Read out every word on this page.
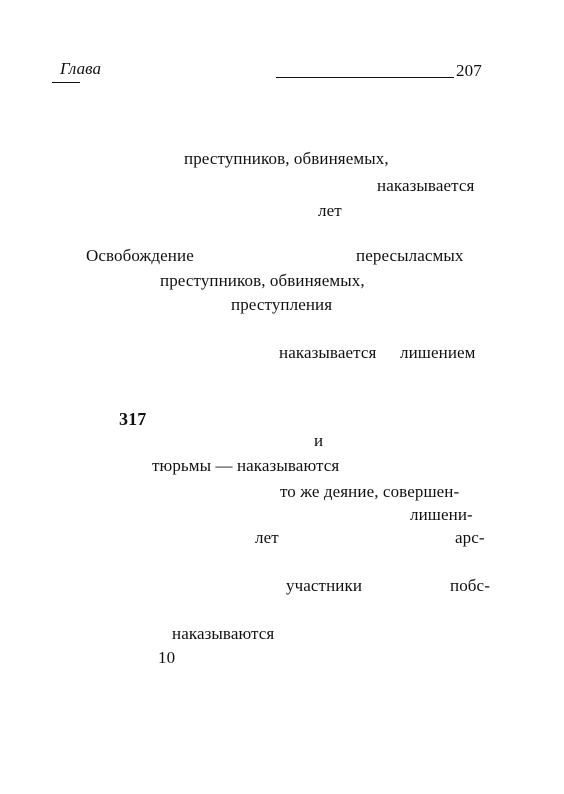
Глава	207
преступников, обвиняемых,
наказывается
лет
Освобождение	пересыласмых
преступников, обвиняемых,
преступления
наказывается лишением
317
и
тюрьмы — наказываются
то же деяние, совершен-
лишени-
лет	арс-
участники	побс-
наказываются
10
